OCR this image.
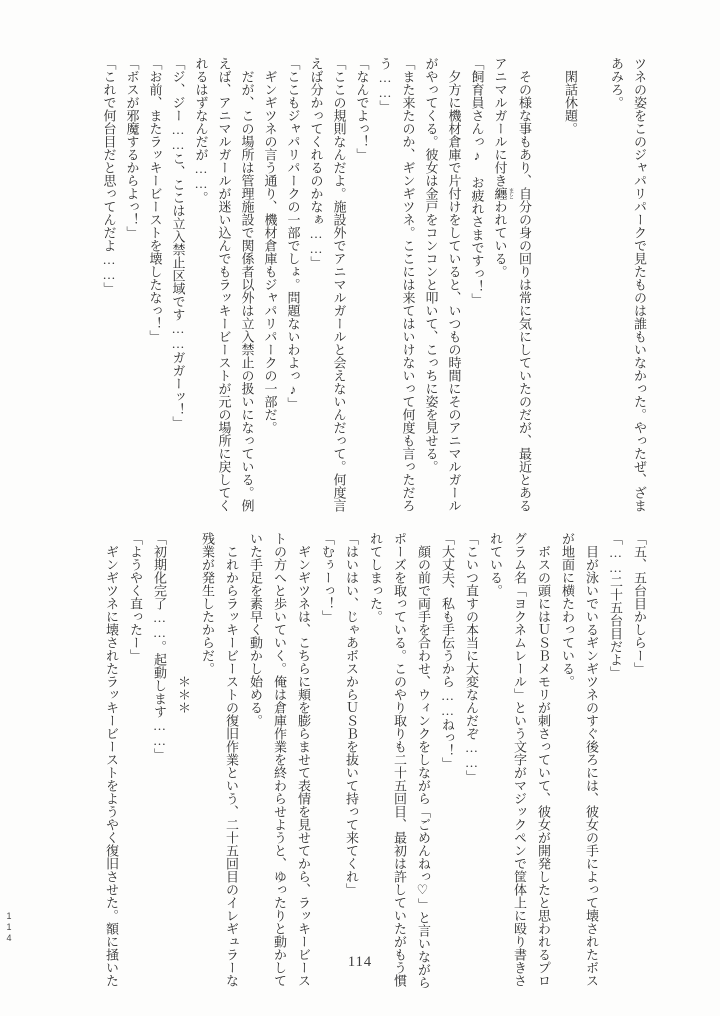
ツネの姿をこのジャパリパークで見たものは誰もいなかった。やったぜ、ざま
あみろ。

　閑話休題。

　その様な事もあり、自分の身の回りは常に気にしていたのだが、最近とある
アニマルガールに付き纏 まとわれている。
「飼育員さんっ♪　お疲れさまですっ！」
　夕方に機材倉庫で片付けをしていると、いつもの時間にそのアニマルガール
がやってくる。彼女は金戸をコンコンと叩いて、こっちに姿を見せる。
「また来たのか、ギンギツネ。ここには来てはいけないって何度も言っただろ
う……」
「なんでよっ！」
「ここの規則なんだよ。施設外でアニマルガールと会えないんだって。何度言
えば分かってくれるのかなぁ……」
「ここもジャパリパークの一部でしょ。問題ないわよっ♪」
　ギンギツネの言う通り、機材倉庫もジャパリパークの一部だ。
　だが、この場所は管理施設で関係者以外は立入禁止の扱いになっている。例
えば、アニマルガールが迷い込んでもラッキービーストが元の場所に戻してく
れるはずなんだが……。
「ジ、ジー……こ、ここは立入禁止区域です……ガガーッ！」
「お前、またラッキービーストを壊したなっ！」
「ボスが邪魔するからよっ！」
「これで何台目だと思ってんだよ……」
「五、五台目かしらー」
「……二十五台目だよ」
　目が泳いでいるギンギツネのすぐ後ろには、彼女の手によって壊されたボス
が地面に横たわっている。
　ボスの頭にはＵＳＢメモリが刺さっていて、彼女が開発したと思われるプロ
グラム名「ヨクネムレール」という文字がマジックペンで筐体上に殴り書きさ
れている。
「こいつ直すの本当に大変なんだぞ……」
「大丈夫、私も手伝うから……ねっ！」
　顔の前で両手を合わせ、ウィンクをしながら「ごめんねっ♡」と言いながら
ポーズを取っている。このやり取りも二十五回目、最初は許していたがもう慣
れてしまった。
「はいはい、じゃあボスからＵＳＢを抜いて持って来てくれ」
「むぅーっ！」
　ギンギツネは、こちらに頬を膨らませて表情を見せてから、ラッキービース
トの方へと歩いていく。俺は倉庫作業を終わらせようと、ゆったりと動かして
いた手足を素早く動かし始める。
　これからラッキービーストの復旧作業という、二十五回目のイレギュラーな
残業が発生したからだ。
　　　　　　　　　　　＊＊＊
「初期化完了……。起動します……」
「ようやく直ったー」
　ギンギツネに壊されたラッキービーストをようやく復旧させた。額に掻いた	114
114
